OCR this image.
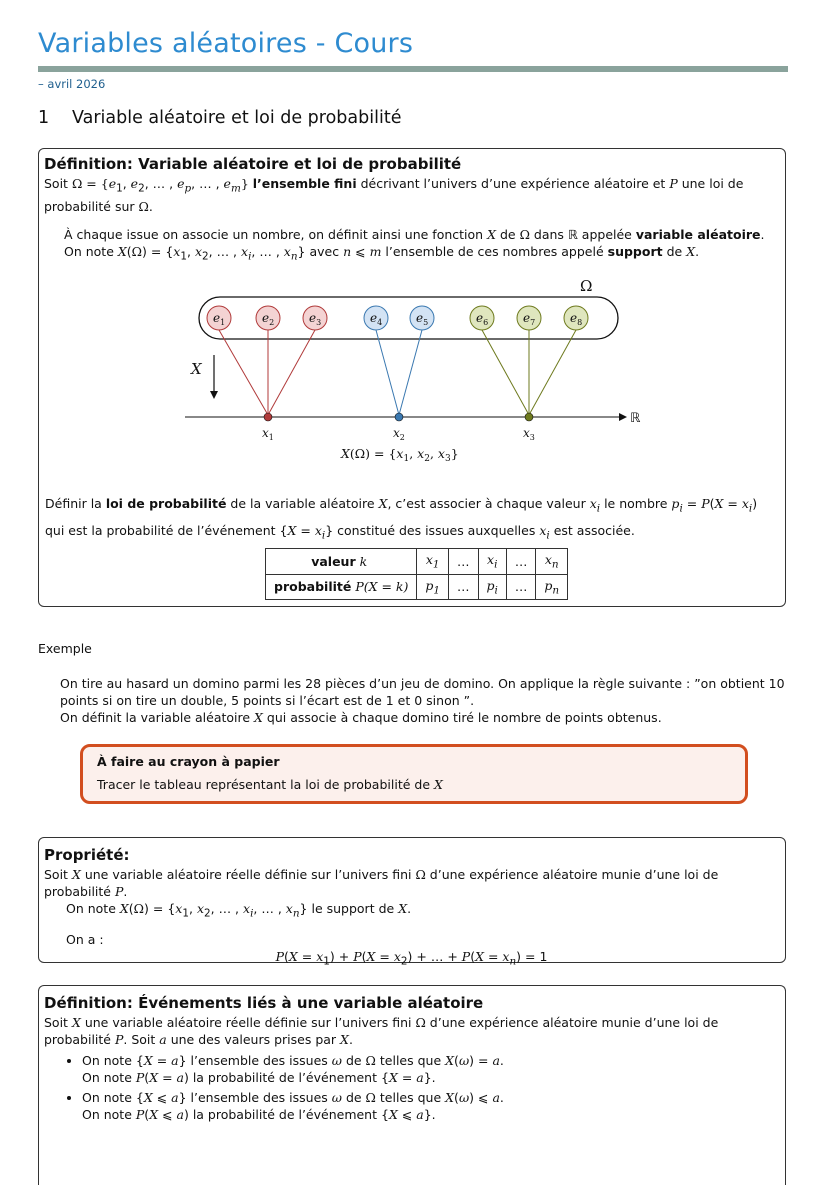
Variables aléatoires - Cours
– avril 2026
1 Variable aléatoire et loi de probabilité
Définition: Variable aléatoire et loi de probabilité
Soit $\Omega = \{e_1$, $e_2$, … , $e_p$, … , $e_m$} l’ensemble fini décrivant l’univers d’une expérience aléatoire et P une loi de probabilité sur Ω.
À chaque issue on associe un nombre, on définit ainsi une fonction X de Ω dans ℝ appelée variable aléatoire.
On note $X(\Omega) = \{x_1$, $x_2$, … , $x_i$, … , $x_n$} avec n ⩽ m l’ensemble de ces nombres appelé support de X.
Ω
$e_1$	$e_2$	$e_3$	$e_4$	$e_5$	$e_6$	$e_7$	$e_8$
X
ℝ
$x_1$	$x_2$	$x_3$
$X(\Omega) = \{x_1$, $x_2$, $x_3$}
Définir la loi de probabilité de la variable aléatoire X, c’est associer à chaque valeur $x_i$ le nombre $p_i = P(X = x_i)$ qui est la probabilité de l’événement $\{X = x_i\}$ constitué des issues auxquelles $x_i$ est associée.
valeur k	$x_1$	…	$x_i$	…	$x_n$
probabilité P(X = k)	$p_1$	…	$p_i$	…	$p_n$
Exemple
On tire au hasard un domino parmi les 28 pièces d’un jeu de domino. On applique la règle suivante : ”on obtient 10 points si on tire un double, 5 points si l’écart est de 1 et 0 sinon ”.
On définit la variable aléatoire X qui associe à chaque domino tiré le nombre de points obtenus.
À faire au crayon à papier
Tracer le tableau représentant la loi de probabilité de X
Propriété:
Soit X une variable aléatoire réelle définie sur l’univers fini Ω d’une expérience aléatoire munie d’une loi de probabilité P.
On note $X(\Omega) = \{x_1$, $x_2$, … , $x_i$, … , $x_n$} le support de X.
On a :
$P(X = x_1) + P(X = x_2)$ + … + $P(X = x_n) = 1$
Définition: Événements liés à une variable aléatoire
Soit X une variable aléatoire réelle définie sur l’univers fini Ω d’une expérience aléatoire munie d’une loi de probabilité P. Soit a une des valeurs prises par X.
• On note {X = a} l’ensemble des issues ω de Ω telles que X(ω) = a.
On note P(X = a) la probabilité de l’événement {X = a}.
• On note {X ⩽ a} l’ensemble des issues ω de Ω telles que X(ω) ⩽ a.
On note P(X ⩽ a) la probabilité de l’événement {X ⩽ a}.
